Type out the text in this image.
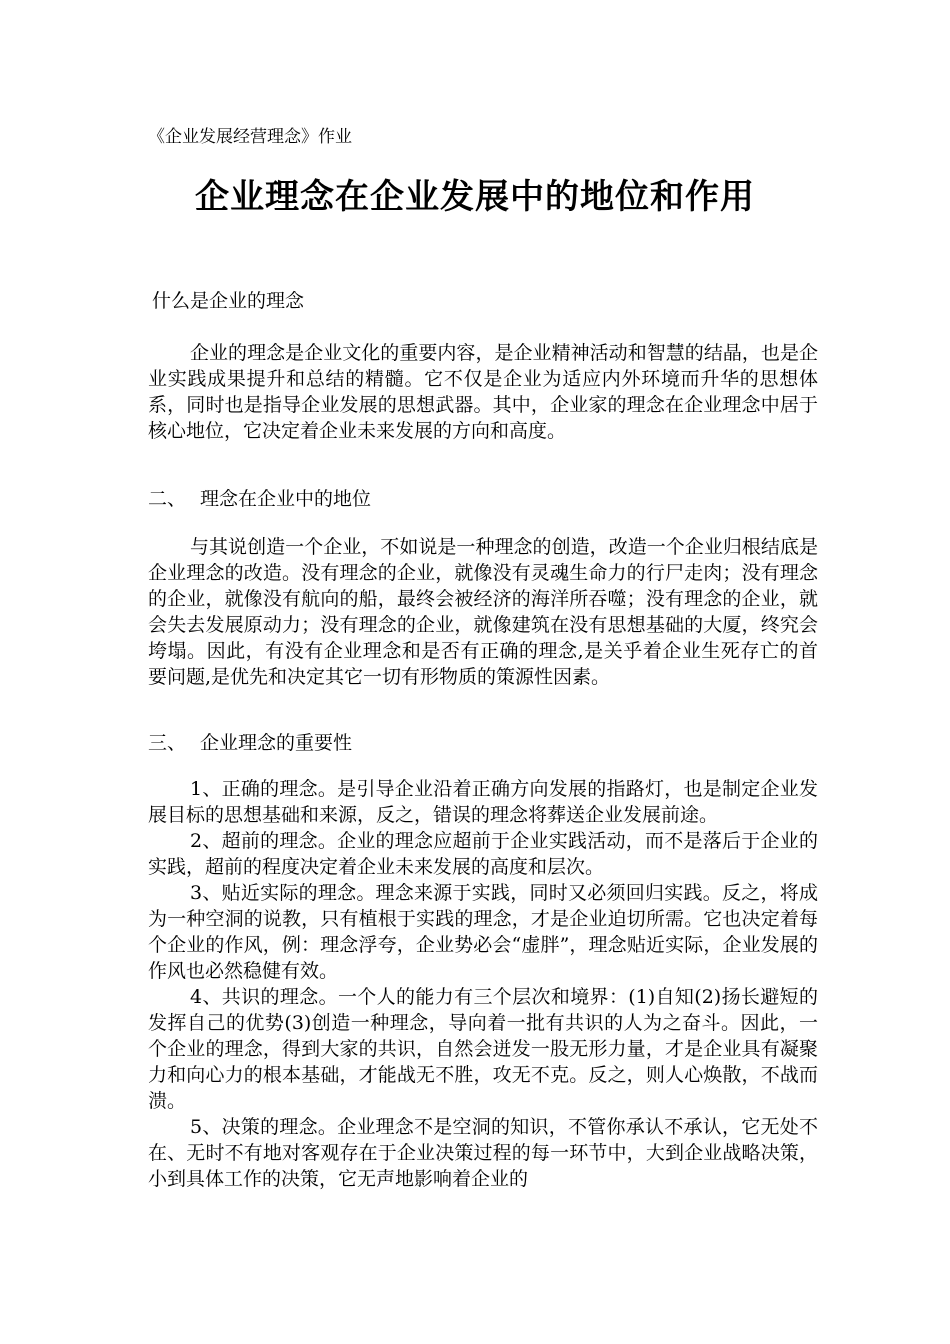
《企业发展经营理念》作业
企业理念在企业发展中的地位和作用

什么是企业的理念

企业的理念是企业文化的重要内容，是企业精神活动和智慧的结晶，也是企业实践成果提升和总结的精髓。它不仅是企业为适应内外环境而升华的思想体系，同时也是指导企业发展的思想武器。其中，企业家的理念在企业理念中居于核心地位，它决定着企业未来发展的方向和高度。

二、 理念在企业中的地位

与其说创造一个企业，不如说是一种理念的创造，改造一个企业归根结底是企业理念的改造。没有理念的企业，就像没有灵魂生命力的行尸走肉；没有理念的企业，就像没有航向的船，最终会被经济的海洋所吞噬；没有理念的企业，就会失去发展原动力；没有理念的企业，就像建筑在没有思想基础的大厦，终究会垮塌。因此，有没有企业理念和是否有正确的理念,是关乎着企业生死存亡的首要问题,是优先和决定其它一切有形物质的策源性因素。

三、 企业理念的重要性

1、正确的理念。是引导企业沿着正确方向发展的指路灯，也是制定企业发展目标的思想基础和来源，反之，错误的理念将葬送企业发展前途。

2、超前的理念。企业的理念应超前于企业实践活动，而不是落后于企业的实践，超前的程度决定着企业未来发展的高度和层次。

3、贴近实际的理念。理念来源于实践，同时又必须回归实践。反之，将成为一种空洞的说教，只有植根于实践的理念，才是企业迫切所需。它也决定着每个企业的作风，例：理念浮夸，企业势必会“虚胖”，理念贴近实际，企业发展的作风也必然稳健有效。

4、共识的理念。一个人的能力有三个层次和境界：(1)自知(2)扬长避短的发挥自己的优势(3)创造一种理念，导向着一批有共识的人为之奋斗。因此，一个企业的理念，得到大家的共识，自然会迸发一股无形力量，才是企业具有凝聚力和向心力的根本基础，才能战无不胜，攻无不克。反之，则人心焕散，不战而溃。

5、决策的理念。企业理念不是空洞的知识，不管你承认不承认，它无处不在、无时不有地对客观存在于企业决策过程的每一环节中，大到企业战略决策，小到具体工作的决策，它无声地影响着企业的
